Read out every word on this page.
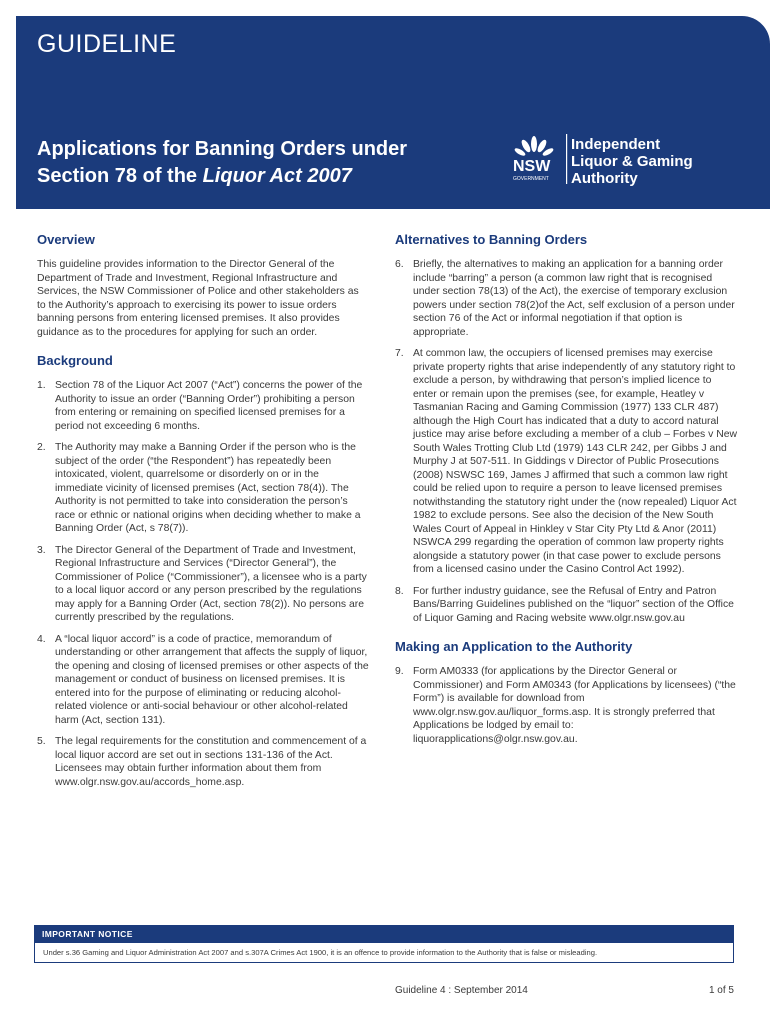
GUIDELINE
Applications for Banning Orders under
Section 78 of the Liquor Act 2007	NSW
GOVERNMENT
Independent
Liquor & Gaming
Authority
Overview

This guideline provides information to the Director General of the Department of Trade and Investment, Regional Infrastructure and Services, the NSW Commissioner of Police and other stakeholders as to the Authority’s approach to exercising its power to issue orders banning persons from entering licensed premises. It also provides guidance as to the procedures for applying for such an order.

Background
1. Section 78 of the Liquor Act 2007 (“Act”) concerns the power of the Authority to issue an order (“Banning Order”) prohibiting a person from entering or remaining on specified licensed premises for a period not exceeding 6 months.
2. The Authority may make a Banning Order if the person who is the subject of the order (“the Respondent”) has repeatedly been intoxicated, violent, quarrelsome or disorderly on or in the immediate vicinity of licensed premises (Act, section 78(4)). The Authority is not permitted to take into consideration the person’s race or ethnic or national origins when deciding whether to make a Banning Order (Act, s 78(7)).
3. The Director General of the Department of Trade and Investment, Regional Infrastructure and Services (“Director General”), the Commissioner of Police (“Commissioner”), a licensee who is a party to a local liquor accord or any person prescribed by the regulations may apply for a Banning Order (Act, section 78(2)). No persons are currently prescribed by the regulations.
4. A “local liquor accord” is a code of practice, memorandum of understanding or other arrangement that affects the supply of liquor, the opening and closing of licensed premises or other aspects of the management or conduct of business on licensed premises. It is entered into for the purpose of eliminating or reducing alcohol-related violence or anti-social behaviour or other alcohol-related harm (Act, section 131).
5. The legal requirements for the constitution and commencement of a local liquor accord are set out in sections 131-136 of the Act. Licensees may obtain further information about them from www.olgr.nsw.gov.au/accords_home.asp.
Alternatives to Banning Orders
6. Briefly, the alternatives to making an application for a banning order include “barring” a person (a common law right that is recognised under section 78(13) of the Act), the exercise of temporary exclusion powers under section 78(2)of the Act, self exclusion of a person under section 76 of the Act or informal negotiation if that option is appropriate.
7. At common law, the occupiers of licensed premises may exercise private property rights that arise independently of any statutory right to exclude a person, by withdrawing that person’s implied licence to enter or remain upon the premises (see, for example, Heatley v Tasmanian Racing and Gaming Commission (1977) 133 CLR 487) although the High Court has indicated that a duty to accord natural justice may arise before excluding a member of a club – Forbes v New South Wales Trotting Club Ltd (1979) 143 CLR 242, per Gibbs J and Murphy J at 507-511. In Giddings v Director of Public Prosecutions (2008) NSWSC 169, James J affirmed that such a common law right could be relied upon to require a person to leave licensed premises notwithstanding the statutory right under the (now repealed) Liquor Act 1982 to exclude persons. See also the decision of the New South Wales Court of Appeal in Hinkley v Star City Pty Ltd & Anor (2011) NSWCA 299 regarding the operation of common law property rights alongside a statutory power (in that case power to exclude persons from a licensed casino under the Casino Control Act 1992).
8. For further industry guidance, see the Refusal of Entry and Patron Bans/Barring Guidelines published on the “liquor” section of the Office of Liquor Gaming and Racing website www.olgr.nsw.gov.au
Making an Application to the Authority
9. Form AM0333 (for applications by the Director General or Commissioner) and Form AM0343 (for Applications by licensees) (“the Form”) is available for download from www.olgr.nsw.gov.au/liquor_forms.asp. It is strongly preferred that Applications be lodged by email to: liquorapplications@olgr.nsw.gov.au.
IMPORTANT NOTICE
Under s.36 Gaming and Liquor Administration Act 2007 and s.307A Crimes Act 1900, it is an offence to provide information to the Authority that is false or misleading.
Guideline 4 : September 2014	1 of 5
